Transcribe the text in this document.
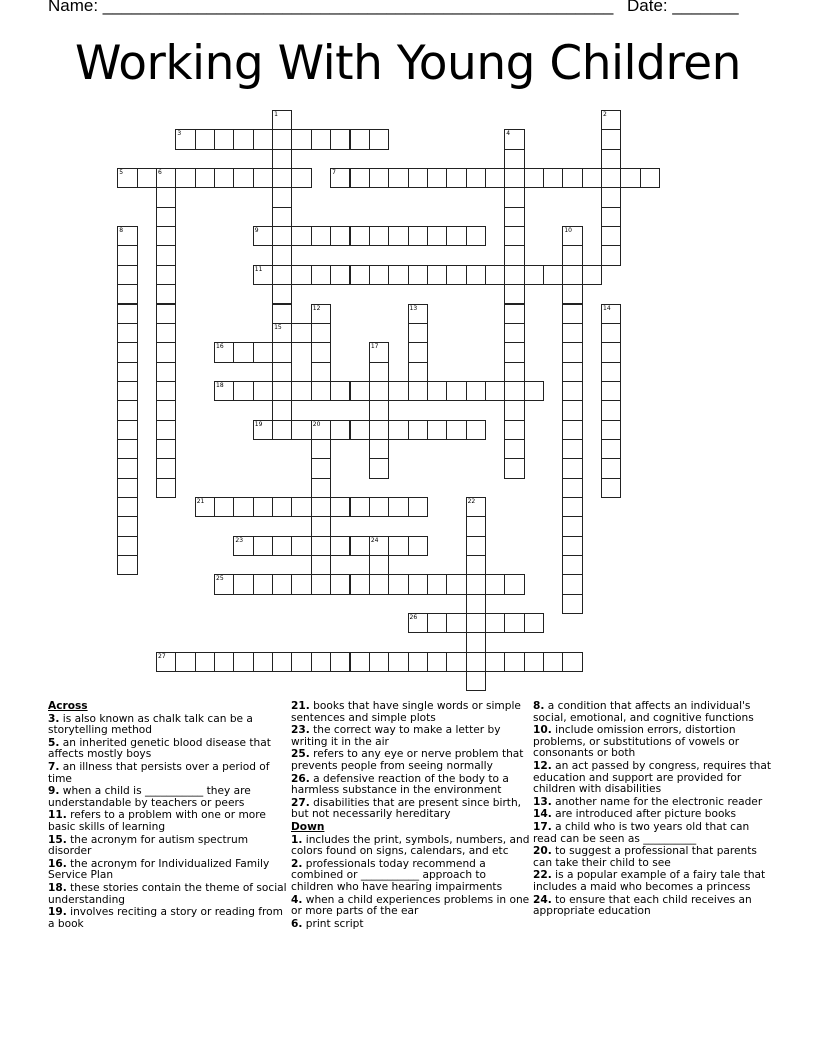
Name: ______________________________________________________ Date: _______
Working With Young Children
1
15
2
3	4
5	6	7
8	9	10
11
12	13	14
16	17
18
19	20
21	22
23	24
25
26
27
Across
3. is also known as chalk talk can be a storytelling method
5. an inherited genetic blood disease that affects mostly boys
7. an illness that persists over a period of time
9. when a child is ___________ they are understandable by teachers or peers
11. refers to a problem with one or more basic skills of learning
15. the acronym for autism spectrum disorder
16. the acronym for Individualized Family Service Plan
18. these stories contain the theme of social understanding
19. involves reciting a story or reading from a book
21. books that have single words or simple sentences and simple plots
23. the correct way to make a letter by writing it in the air
25. refers to any eye or nerve problem that prevents people from seeing normally
26. a defensive reaction of the body to a harmless substance in the environment
27. disabilities that are present since birth, but not necessarily hereditary
Down
1. includes the print, symbols, numbers, and colors found on signs, calendars, and etc
2. professionals today recommend a combined or ___________ approach to children who have hearing impairments
4. when a child experiences problems in one or more parts of the ear
6. print script
8. a condition that affects an individual's social, emotional, and cognitive functions
10. include omission errors, distortion problems, or substitutions of vowels or consonants or both
12. an act passed by congress, requires that education and support are provided for children with disabilities
13. another name for the electronic reader
14. are introduced after picture books
17. a child who is two years old that can read can be seen as __________
20. to suggest a professional that parents can take their child to see
22. is a popular example of a fairy tale that includes a maid who becomes a princess
24. to ensure that each child receives an appropriate education
